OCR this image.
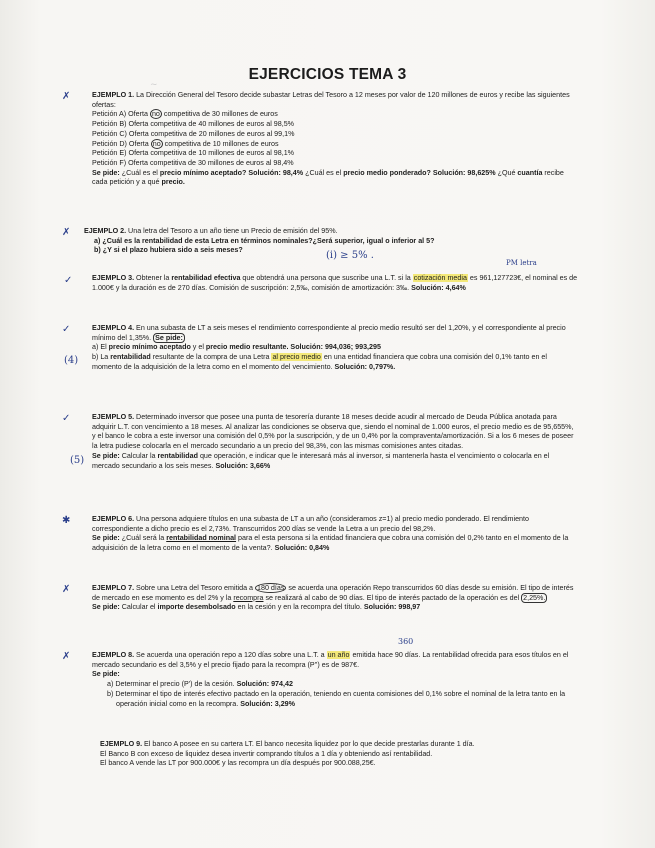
~
EJERCICIOS TEMA 3
✗	EJEMPLO 1. La Dirección General del Tesoro decide subastar Letras del Tesoro a 12 meses por valor de 120 millones de euros y recibe las siguientes ofertas:

Petición A) Oferta no competitiva de 30 millones de euros

Petición B) Oferta competitiva de 40 millones de euros al 98,5%

Petición C) Oferta competitiva de 20 millones de euros al 99,1%

Petición D) Oferta no competitiva de 10 millones de euros

Petición E) Oferta competitiva de 10 millones de euros al 98,1%

Petición F) Oferta competitiva de 30 millones de euros al 98,4%

Se pide: ¿Cuál es el precio mínimo aceptado? Solución: 98,4% ¿Cuál es el precio medio ponderado? Solución: 98,625% ¿Qué cuantía recibe cada petición y a qué precio.

✗ EJEMPLO 2. Una letra del Tesoro a un año tiene un Precio de emisión del 95%.

a) ¿Cuál es la rentabilidad de esta Letra en términos nominales?¿Será superior, igual o inferior al 5?

b) ¿Y si el plazo hubiera sido a seis meses?	(i) ≥ 5% .
✓
PM letra

EJEMPLO 3. Obtener la rentabilidad efectiva que obtendrá una persona que suscribe una L.T. si la cotización media es 961,127723€, el nominal es de 1.000€ y la duración es de 270 días. Comisión de suscripción: 2,5‰, comisión de amortización: 3‰. Solución: 4,64%

✓
(4)

EJEMPLO 4. En una subasta de LT a seis meses el rendimiento correspondiente al precio medio resultó ser del 1,20%, y el correspondiente al precio mínimo del 1,35%. Se pide:

a) El precio mínimo aceptado y el precio medio resultante. Solución: 994,036; 993,295

b) La rentabilidad resultante de la compra de una Letra al precio medio en una entidad financiera que cobra una comisión del 0,1% tanto en el momento de la adquisición de la letra como en el momento del vencimiento. Solución: 0,797%.

✓
(5)

EJEMPLO 5. Determinado inversor que posee una punta de tesorería durante 18 meses decide acudir al mercado de Deuda Pública anotada para adquirir L.T. con vencimiento a 18 meses. Al analizar las condiciones se observa que, siendo el nominal de 1.000 euros, el precio medio es de 95,655%, y el banco le cobra a este inversor una comisión del 0,5% por la suscripción, y de un 0,4% por la compraventa/amortización. Si a los 6 meses de poseer la letra pudiese colocarla en el mercado secundario a un precio del 98,3%, con las mismas comisiones antes citadas.

Se pide: Calcular la rentabilidad que operación, e indicar que le interesará más al inversor, si mantenerla hasta el vencimiento o colocarla en el mercado secundario a los seis meses. Solución: 3,66%

✱	EJEMPLO 6. Una persona adquiere títulos en una subasta de LT a un año (consideramos z=1) al precio medio ponderado. El rendimiento correspondiente a dicho precio es el 2,73%. Transcurridos 200 días se vende la Letra a un precio del 98,2%.

Se pide: ¿Cuál será la rentabilidad nominal para el esta persona si la entidad financiera que cobra una comisión del 0,2% tanto en el momento de la adquisición de la letra como en el momento de la venta?. Solución: 0,84%

✗	EJEMPLO 7. Sobre una Letra del Tesoro emitida a 180 días se acuerda una operación Repo transcurridos 60 días desde su emisión. El tipo de interés de mercado en ese momento es del 2% y la recompra se realizará al cabo de 90 días. El tipo de interés pactado de la operación es del 2,25%.

Se pide: Calcular el importe desembolsado en la cesión y en la recompra del título. Solución: 998,97

✗
360

EJEMPLO 8. Se acuerda una operación repo a 120 días sobre una L.T. a un año emitida hace 90 días. La rentabilidad ofrecida para esos títulos en el mercado secundario es del 3,5% y el precio fijado para la recompra (P'') es de 987€.

Se pide:

a) Determinar el precio (P') de la cesión. Solución: 974,42

b) Determinar el tipo de interés efectivo pactado en la operación, teniendo en cuenta comisiones del 0,1% sobre el nominal de la letra tanto en la operación inicial como en la recompra. Solución: 3,29%

EJEMPLO 9. El banco A posee en su cartera LT. El banco necesita liquidez por lo que decide prestarlas durante 1 día.

El Banco B con exceso de liquidez desea invertir comprando títulos a 1 día y obteniendo así rentabilidad.

El banco A vende las LT por 900.000€ y las recompra un día después por 900.088,25€.
